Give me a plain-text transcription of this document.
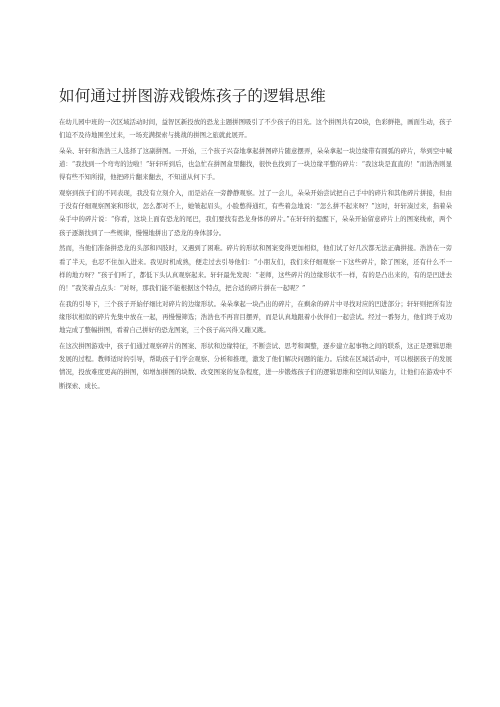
如何通过拼图游戏锻炼孩子的逻辑思维

在幼儿园中班的一次区域活动时间，益智区新投放的恐龙主题拼图吸引了不少孩子的目光。这个拼图共有20块，色彩鲜艳，画面生动，孩子们迫不及待地围坐过来，一场充满探索与挑战的拼图之旅就此展开。

朵朵、轩轩和浩浩三人选择了这副拼图。一开始，三个孩子兴奋地拿起拼图碎片随意摆弄，朵朵拿起一块边缘带有圆弧的碎片，举到空中喊道：“我找到一个弯弯的边啦！”轩轩听到后，也急忙在拼图盒里翻找，很快也找到了一块边缘平整的碎片：“我这块是直直的！”而浩浩则显得有些不知所措，他把碎片翻来翻去，不知道从何下手。

观察到孩子们的不同表现，我没有立刻介入，而是站在一旁静静观察。过了一会儿，朵朵开始尝试把自己手中的碎片和其他碎片拼接，但由于没有仔细观察图案和形状，怎么都对不上，她皱起眉头，小脸憋得通红，有些着急地说：“怎么拼不起来呀？”这时，轩轩凑过来，指着朵朵手中的碎片说：“你看，这块上面有恐龙的尾巴，我们要找有恐龙身体的碎片。”在轩轩的提醒下，朵朵开始留意碎片上的图案线索，两个孩子逐渐找到了一些规律，慢慢地拼出了恐龙的身体部分。

然而，当他们准备拼恐龙的头部和四肢时，又遇到了困难。碎片的形状和图案变得更加相似，他们试了好几次都无法正确拼接。浩浩在一旁看了半天，也忍不住加入进来。我见时机成熟，便走过去引导他们：“小朋友们，我们来仔细观察一下这些碎片，除了图案，还有什么不一样的地方呀？”孩子们听了，都低下头认真观察起来。轩轩最先发现：“老师，这些碎片的边缘形状不一样，有的是凸出来的，有的是凹进去的！”我笑着点点头：“对呀，那我们能不能根据这个特点，把合适的碎片拼在一起呢？”

在我的引导下，三个孩子开始仔细比对碎片的边缘形状。朵朵拿起一块凸出的碎片，在剩余的碎片中寻找对应的凹进部分；轩轩则把所有边缘形状相似的碎片先集中放在一起，再慢慢筛选；浩浩也不再盲目摆弄，而是认真地跟着小伙伴们一起尝试。经过一番努力，他们终于成功地完成了整幅拼图，看着自己拼好的恐龙图案，三个孩子高兴得又蹦又跳。

在这次拼图游戏中，孩子们通过观察碎片的图案、形状和边缘特征，不断尝试、思考和调整，逐步建立起事物之间的联系，这正是逻辑思维发展的过程。教师适时的引导，帮助孩子们学会观察、分析和推理，激发了他们解决问题的能力。后续在区域活动中，可以根据孩子的发展情况，投放难度更高的拼图，如增加拼图的块数、改变图案的复杂程度，进一步锻炼孩子们的逻辑思维和空间认知能力，让他们在游戏中不断探索、成长。
